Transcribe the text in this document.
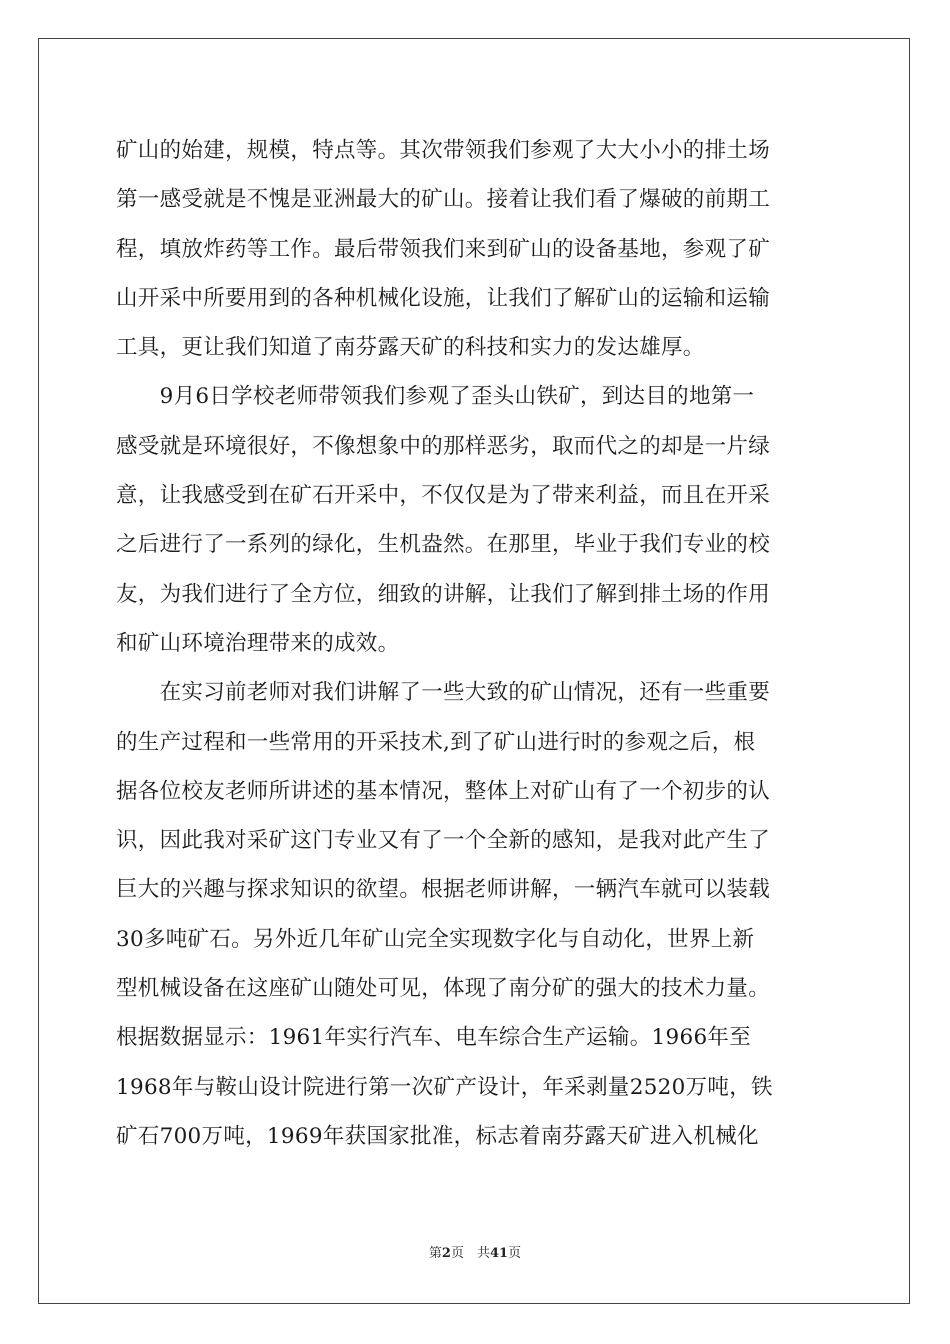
矿山的始建，规模，特点等。其次带领我们参观了大大小小的排土场
第一感受就是不愧是亚洲最大的矿山。接着让我们看了爆破的前期工
程，填放炸药等工作。最后带领我们来到矿山的设备基地，参观了矿
山开采中所要用到的各种机械化设施，让我们了解矿山的运输和运输
工具，更让我们知道了南芬露天矿的科技和实力的发达雄厚。
　　9月6日学校老师带领我们参观了歪头山铁矿，到达目的地第一
感受就是环境很好，不像想象中的那样恶劣，取而代之的却是一片绿
意，让我感受到在矿石开采中，不仅仅是为了带来利益，而且在开采
之后进行了一系列的绿化，生机盎然。在那里，毕业于我们专业的校
友，为我们进行了全方位，细致的讲解，让我们了解到排土场的作用
和矿山环境治理带来的成效。
　　在实习前老师对我们讲解了一些大致的矿山情况，还有一些重要
的生产过程和一些常用的开采技术,到了矿山进行时的参观之后，根
据各位校友老师所讲述的基本情况，整体上对矿山有了一个初步的认
识，因此我对采矿这门专业又有了一个全新的感知，是我对此产生了
巨大的兴趣与探求知识的欲望。根据老师讲解，一辆汽车就可以装载
30多吨矿石。另外近几年矿山完全实现数字化与自动化，世界上新
型机械设备在这座矿山随处可见，体现了南分矿的强大的技术力量。
根据数据显示：1961年实行汽车、电车综合生产运输。1966年至
1968年与鞍山设计院进行第一次矿产设计，年采剥量2520万吨，铁
矿石700万吨，1969年获国家批准，标志着南芬露天矿进入机械化
第2页　共41页
